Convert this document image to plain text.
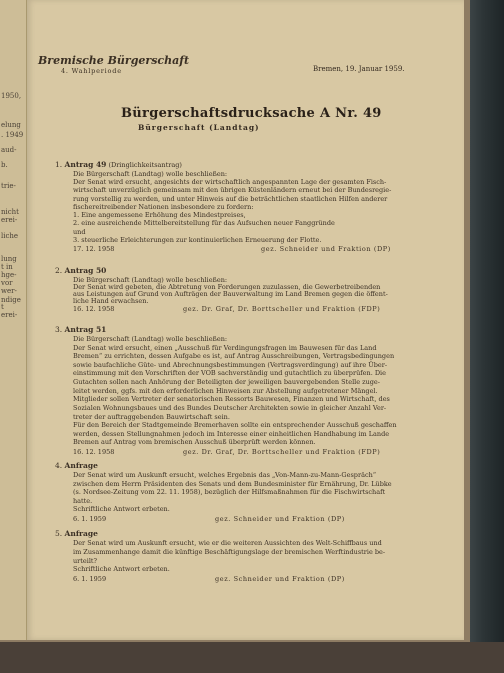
1950,
elung
. 1949
aud-
b.
trie-
nicht
erei-
liche
lung
t in
hge-
vor
wer-
ndige
t
erei-
Bremische Bürgerschaft
4. Wahlperiode	Bremen, 19. Januar 1959.
Bürgerschaftsdrucksache A Nr. 49
Bürgerschaft (Landtag)
1. Antrag 49 (Dringlichkeitsantrag)
Die Bürgerschaft (Landtag) wolle beschließen:
Der Senat wird ersucht, angesichts der wirtschaftlich angespannten Lage der gesamten Fisch-
wirtschaft unverzüglich gemeinsam mit den übrigen Küstenländern erneut bei der Bundesregie-
rung vorstellig zu werden, und unter Hinweis auf die beträchtlichen staatlichen Hilfen anderer
fischereitreibender Nationen insbesondere zu fordern:
1. Eine angemessene Erhöhung des Mindestpreises,
2. eine ausreichende Mittelbereitstellung für das Aufsuchen neuer Fanggründe
und
3. steuerliche Erleichterungen zur kontinuierlichen Erneuerung der Flotte.
17. 12. 1958	gez. Schneider und Fraktion (DP)
2. Antrag 50
Die Bürgerschaft (Landtag) wolle beschließen:
Der Senat wird gebeten, die Abtretung von Forderungen zuzulassen, die Gewerbetreibenden
aus Leistungen auf Grund von Aufträgen der Bauverwaltung im Land Bremen gegen die öffent-
liche Hand erwachsen.
16. 12. 1958	gez. Dr. Graf, Dr. Borttscheller und Fraktion (FDP)
3. Antrag 51
Die Bürgerschaft (Landtag) wolle beschließen:
Der Senat wird ersucht, einen „Ausschuß für Verdingungsfragen im Bauwesen für das Land
Bremen“ zu errichten, dessen Aufgabe es ist, auf Antrag Ausschreibungen, Vertragsbedingungen
sowie baufachliche Güte- und Abrechnungsbestimmungen (Vertragsverdingung) auf ihre Über-
einstimmung mit den Vorschriften der VOB sachverständig und gutachtlich zu überprüfen. Die
Gutachten sollen nach Anhörung der Beteiligten der jeweiligen bauvergebenden Stelle zuge-
leitet werden, ggfs. mit den erforderlichen Hinweisen zur Abstellung aufgetretener Mängel.
Mitglieder sollen Vertreter der senatorischen Ressorts Bauwesen, Finanzen und Wirtschaft, des
Sozialen Wohnungsbaues und des Bundes Deutscher Architekten sowie in gleicher Anzahl Ver-
treter der auftraggebenden Bauwirtschaft sein.
Für den Bereich der Stadtgemeinde Bremerhaven sollte ein entsprechender Ausschuß geschaffen
werden, dessen Stellungnahmen jedoch im Interesse einer einheitlichen Handhabung im Lande
Bremen auf Antrag vom bremischen Ausschuß überprüft werden können.
16. 12. 1958	gez. Dr. Graf, Dr. Borttscheller und Fraktion (FDP)
4. Anfrage
Der Senat wird um Auskunft ersucht, welches Ergebnis das „Von-Mann-zu-Mann-Gespräch“
zwischen dem Herrn Präsidenten des Senats und dem Bundesminister für Ernährung, Dr. Lübke
(s. Nordsee-Zeitung vom 22. 11. 1958), bezüglich der Hilfsmaßnahmen für die Fischwirtschaft
hatte.
Schriftliche Antwort erbeten.
6. 1. 1959	gez. Schneider und Fraktion (DP)
5. Anfrage
Der Senat wird um Auskunft ersucht, wie er die weiteren Aussichten des Welt-Schiffbaus und
im Zusammenhange damit die künftige Beschäftigungslage der bremischen Werftindustrie be-
urteilt?
Schriftliche Antwort erbeten.
6. 1. 1959	gez. Schneider und Fraktion (DP)
